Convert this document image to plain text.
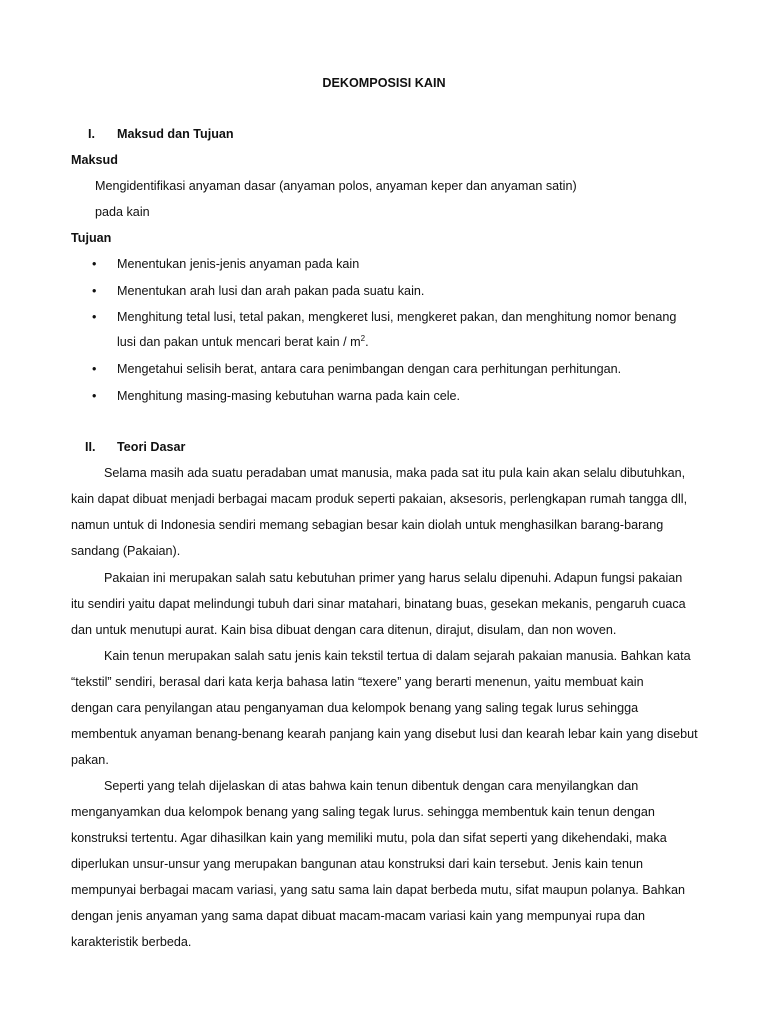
DEKOMPOSISI KAIN
I. Maksud dan Tujuan
Maksud
Mengidentifikasi anyaman dasar (anyaman polos, anyaman keper dan anyaman satin)
pada kain
Tujuan
• Menentukan jenis-jenis anyaman pada kain
• Menentukan arah lusi dan arah pakan pada suatu kain.
• Menghitung tetal lusi, tetal pakan, mengkeret lusi, mengkeret pakan, dan menghitung nomor benang
lusi dan pakan untuk mencari berat kain / $m^2$.
• Mengetahui selisih berat, antara cara penimbangan dengan cara perhitungan perhitungan.
• Menghitung masing-masing kebutuhan warna pada kain cele.
II. Teori Dasar
Selama masih ada suatu peradaban umat manusia, maka pada sat itu pula kain akan selalu dibutuhkan,
kain dapat dibuat menjadi berbagai macam produk seperti pakaian, aksesoris, perlengkapan rumah tangga dll,
namun untuk di Indonesia sendiri memang sebagian besar kain diolah untuk menghasilkan barang-barang
sandang (Pakaian).
Pakaian ini merupakan salah satu kebutuhan primer yang harus selalu dipenuhi. Adapun fungsi pakaian
itu sendiri yaitu dapat melindungi tubuh dari sinar matahari, binatang buas, gesekan mekanis, pengaruh cuaca
dan untuk menutupi aurat. Kain bisa dibuat dengan cara ditenun, dirajut, disulam, dan non woven.
Kain tenun merupakan salah satu jenis kain tekstil tertua di dalam sejarah pakaian manusia. Bahkan kata
“tekstil” sendiri, berasal dari kata kerja bahasa latin “texere” yang berarti menenun, yaitu membuat kain
dengan cara penyilangan atau penganyaman dua kelompok benang yang saling tegak lurus sehingga
membentuk anyaman benang-benang kearah panjang kain yang disebut lusi dan kearah lebar kain yang disebut
pakan.
Seperti yang telah dijelaskan di atas bahwa kain tenun dibentuk dengan cara menyilangkan dan
menganyamkan dua kelompok benang yang saling tegak lurus. sehingga membentuk kain tenun dengan
konstruksi tertentu. Agar dihasilkan kain yang memiliki mutu, pola dan sifat seperti yang dikehendaki, maka
diperlukan unsur-unsur yang merupakan bangunan atau konstruksi dari kain tersebut. Jenis kain tenun
mempunyai berbagai macam variasi, yang satu sama lain dapat berbeda mutu, sifat maupun polanya. Bahkan
dengan jenis anyaman yang sama dapat dibuat macam-macam variasi kain yang mempunyai rupa dan
karakteristik berbeda.
